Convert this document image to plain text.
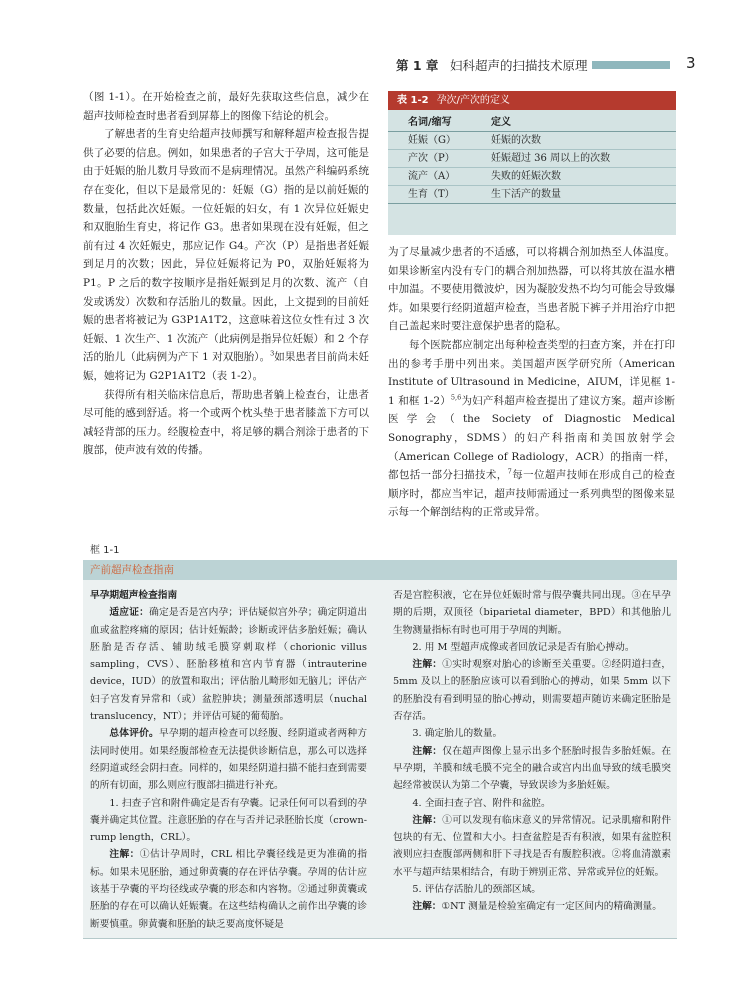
第 1 章 妇科超声的扫描技术原理	3

（图 1-1）。在开始检查之前，最好先获取这些信息，减少在超声技师检查时患者看到屏幕上的图像下结论的机会。

了解患者的生育史给超声技师撰写和解释超声检查报告提供了必要的信息。例如，如果患者的子宫大于孕周，这可能是由于妊娠的胎儿数月导致而不是病理情况。虽然产科编码系统存在变化，但以下是最常见的：妊娠（G）指的是以前妊娠的数量，包括此次妊娠。一位妊娠的妇女，有 1 次异位妊娠史和双胞胎生育史，将记作 G3。患者如果现在没有妊娠，但之前有过 4 次妊娠史，那应记作 G4。产次（P）是指患者妊娠到足月的次数；因此，异位妊娠将记为 P0，双胎妊娠将为 P1。P 之后的数字按顺序是指妊娠到足月的次数、流产（自发或诱发）次数和存活胎儿的数量。因此，上文提到的目前妊娠的患者将被记为 G3P1A1T2，这意味着这位女性有过 3 次妊娠、1 次生产、1 次流产（此病例是指异位妊娠）和 2 个存活的胎儿（此病例为产下 1 对双胞胎）。$^3$如果患者目前尚未妊娠，她将记为 G2P1A1T2（表 1-2）。

获得所有相关临床信息后，帮助患者躺上检查台，让患者尽可能的感到舒适。将一个或两个枕头垫于患者膝盖下方可以减轻背部的压力。经腹检查中，将足够的耦合剂涂于患者的下腹部，使声波有效的传播。

表 1-2 孕次/产次的定义
名词/缩写	定义
妊娠（G）	妊娠的次数
产次（P）	妊娠超过 36 周以上的次数
流产（A）	失败的妊娠次数
生育（T）	生下活产的数量

为了尽量减少患者的不适感，可以将耦合剂加热至人体温度。如果诊断室内没有专门的耦合剂加热器，可以将其放在温水槽中加温。不要使用微波炉，因为凝胶发热不均匀可能会导致爆炸。如果要行经阴道超声检查，当患者脱下裤子并用治疗巾把自己盖起来时要注意保护患者的隐私。

每个医院都应制定出每种检查类型的扫查方案，并在打印出的参考手册中列出来。美国超声医学研究所（American Institute of Ultrasound in Medicine，AIUM，详见框 1-1 和框 1-2）$^{5,6}$为妇产科超声检查提出了建议方案。超声诊断医学会（the Society of Diagnostic Medical Sonography，SDMS）的妇产科指南和美国放射学会（American College of Radiology，ACR）的指南一样，都包括一部分扫描技术，$^7$每一位超声技师在形成自己的检查顺序时，都应当牢记，超声技师需通过一系列典型的图像来显示每一个解剖结构的正常或异常。

框 1-1
产前超声检查指南

早孕期超声检查指南

适应证：确定是否是宫内孕；评估疑似宫外孕；确定阴道出血或盆腔疼痛的原因；估计妊娠龄；诊断或评估多胎妊娠；确认胚胎是否存活、辅助绒毛膜穿刺取样（chorionic villus sampling，CVS）、胚胎移植和宫内节育器（intrauterine device，IUD）的放置和取出；评估胎儿畸形如无脑儿；评估产妇子宫发育异常和（或）盆腔肿块；测量颈部透明层（nuchal translucency，NT）；并评估可疑的葡萄胎。

总体评价。早孕期的超声检查可以经腹、经阴道或者两种方法同时使用。如果经腹部检查无法提供诊断信息，那么可以选择经阴道或经会阴扫查。同样的，如果经阴道扫描不能扫查到需要的所有切面，那么则应行腹部扫描进行补充。

1. 扫查子宫和附件确定是否有孕囊。记录任何可以看到的孕囊并确定其位置。注意胚胎的存在与否并记录胚胎长度（crown-rump length，CRL）。

注解：①估计孕周时，CRL 相比孕囊径线是更为准确的指标。如果未见胚胎，通过卵黄囊的存在评估孕囊。孕周的估计应该基于孕囊的平均径线或孕囊的形态和内容物。②通过卵黄囊或胚胎的存在可以确认妊娠囊。在这些结构确认之前作出孕囊的诊断要慎重。卵黄囊和胚胎的缺乏要高度怀疑是

否是宫腔积液，它在异位妊娠时常与假孕囊共同出现。③在早孕期的后期，双顶径（biparietal diameter，BPD）和其他胎儿生物测量指标有时也可用于孕周的判断。

2. 用 M 型超声成像或者回放记录是否有胎心搏动。

注解：①实时观察对胎心的诊断至关重要。②经阴道扫查，5mm 及以上的胚胎应该可以看到胎心的搏动，如果 5mm 以下的胚胎没有看到明显的胎心搏动，则需要超声随访来确定胚胎是否存活。

3. 确定胎儿的数量。

注解：仅在超声图像上显示出多个胚胎时报告多胎妊娠。在早孕期，羊膜和绒毛膜不完全的融合或宫内出血导致的绒毛膜突起经常被误认为第二个孕囊，导致误诊为多胎妊娠。

4. 全面扫查子宫、附件和盆腔。

注解：①可以发现有临床意义的异常情况。记录肌瘤和附件包块的有无、位置和大小。扫查盆腔是否有积液，如果有盆腔积液则应扫查腹部两侧和肝下寻找是否有腹腔积液。②将血清激素水平与超声结果相结合，有助于辨别正常、异常或异位的妊娠。

5. 评估存活胎儿的颈部区域。

注解：①NT 测量是检验室确定有一定区间内的精确测量。
